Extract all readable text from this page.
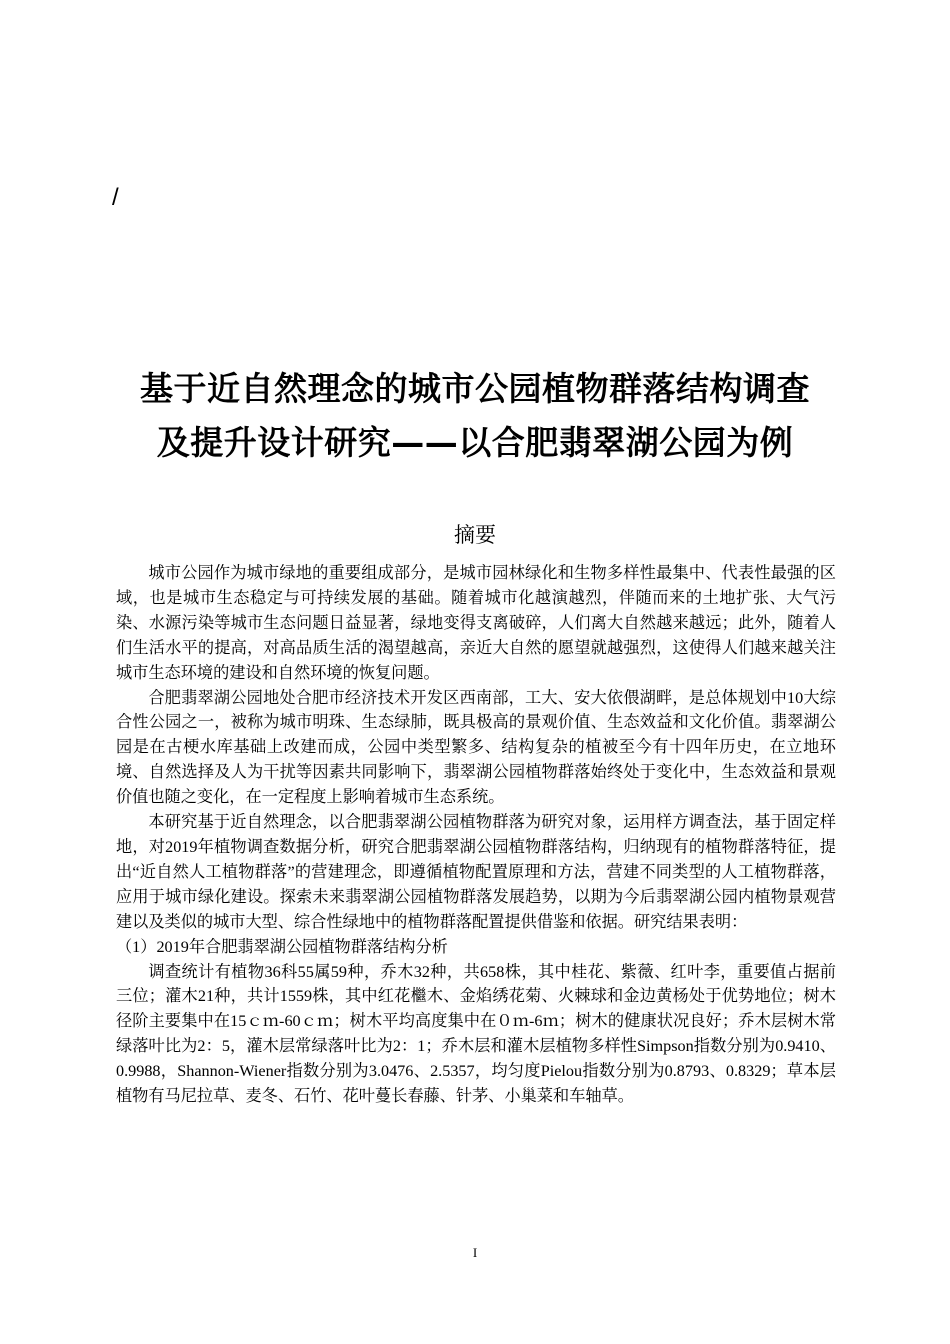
/
基于近自然理念的城市公园植物群落结构调查
及提升设计研究——以合肥翡翠湖公园为例
摘要

城市公园作为城市绿地的重要组成部分，是城市园林绿化和生物多样性最集中、代表性最强的区域，也是城市生态稳定与可持续发展的基础。随着城市化越演越烈，伴随而来的土地扩张、大气污染、水源污染等城市生态问题日益显著，绿地变得支离破碎，人们离大自然越来越远；此外，随着人们生活水平的提高，对高品质生活的渴望越高，亲近大自然的愿望就越强烈，这使得人们越来越关注城市生态环境的建设和自然环境的恢复问题。

合肥翡翠湖公园地处合肥市经济技术开发区西南部，工大、安大依偎湖畔，是总体规划中10大综合性公园之一，被称为城市明珠、生态绿肺，既具极高的景观价值、生态效益和文化价值。翡翠湖公园是在古梗水库基础上改建而成，公园中类型繁多、结构复杂的植被至今有十四年历史，在立地环境、自然选择及人为干扰等因素共同影响下，翡翠湖公园植物群落始终处于变化中，生态效益和景观价值也随之变化，在一定程度上影响着城市生态系统。

本研究基于近自然理念，以合肥翡翠湖公园植物群落为研究对象，运用样方调查法，基于固定样地，对2019年植物调查数据分析，研究合肥翡翠湖公园植物群落结构，归纳现有的植物群落特征，提出“近自然人工植物群落”的营建理念，即遵循植物配置原理和方法，营建不同类型的人工植物群落，应用于城市绿化建设。探索未来翡翠湖公园植物群落发展趋势，以期为今后翡翠湖公园内植物景观营建以及类似的城市大型、综合性绿地中的植物群落配置提供借鉴和依据。研究结果表明：

（1）2019年合肥翡翠湖公园植物群落结构分析

调查统计有植物36科55属59种，乔木32种，共658株，其中桂花、紫薇、红叶李，重要值占据前三位；灌木21种，共计1559株，其中红花檵木、金焰绣花菊、火棘球和金边黄杨处于优势地位；树木径阶主要集中在15ｃｍ-60ｃｍ；树木平均高度集中在０ｍ-6ｍ；树木的健康状况良好；乔木层树木常绿落叶比为2：5，灌木层常绿落叶比为2：1；乔木层和灌木层植物多样性Simpson指数分别为0.9410、0.9988，Shannon-Wiener指数分别为3.0476、2.5357，均匀度Pielou指数分别为0.8793、0.8329；草本层植物有马尼拉草、麦冬、石竹、花叶蔓长春藤、针茅、小巢菜和车轴草。

I
